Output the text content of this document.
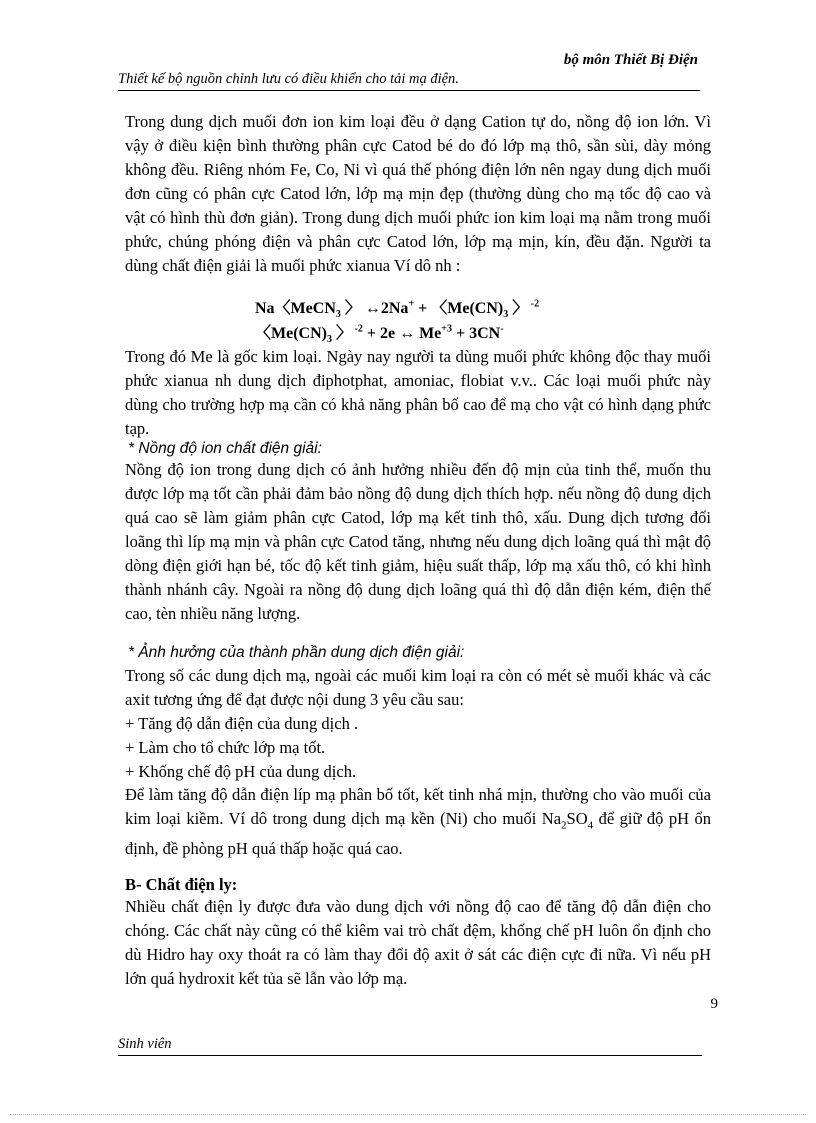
bộ môn Thiết Bị Điện
Thiết kế bộ nguồn chỉnh lưu có điều khiển cho tải mạ điện.
Trong dung dịch muối đơn ion kim loại đều ở dạng Cation tự do, nồng độ ion lớn. Vì vậy ở điều kiện bình thường phân cực Catod bé do đó lớp mạ thô, sần sùi, dày mỏng không đều. Riêng nhóm Fe, Co, Ni vì quá thế phóng điện lớn nên ngay dung dịch muối đơn cũng có phân cực Catod lớn, lớp mạ mịn đẹp (thường dùng cho mạ tốc độ cao và vật có hình thù đơn giản). Trong dung dịch muối phức ion kim loại mạ nằm trong muối phức, chúng phóng điện và phân cực Catod lớn, lớp mạ mịn, kín, đều đặn. Người ta dùng chất điện giải là muối phức xianua Ví dô nh :
Na〈MeCN$_3$ 〉 ↔2Na+ + $〈Me(CN)_3$ 〉 $^{-2}$
$〈Me(CN)_3$ 〉 $^{-2}$ + 2e ↔ $Me^{+3} + 3CN^-$
Trong đó Me là gốc kim loại. Ngày nay người ta dùng muối phức không độc thay muối phức xianua nh dung dịch điphotphat, amoniac, flobiat v.v.. Các loại muối phức này dùng cho trường hợp mạ cần có khả năng phân bố cao để mạ cho vật có hình dạng phức tạp.
* Nồng độ ion chất điện giải:
Nồng độ ion trong dung dịch có ảnh hưởng nhiều đến độ mịn của tinh thể, muốn thu được lớp mạ tốt cần phải đảm bảo nồng độ dung dịch thích hợp. nếu nồng độ dung dịch quá cao sẽ làm giảm phân cực Catod, lớp mạ kết tinh thô, xấu. Dung dịch tương đối loãng thì líp mạ mịn và phân cực Catod tăng, nhưng nếu dung dịch loãng quá thì mật độ dòng điện giới hạn bé, tốc độ kết tinh giảm, hiệu suất thấp, lớp mạ xấu thô, có khi hình thành nhánh cây. Ngoài ra nồng độ dung dịch loãng quá thì độ dẫn điện kém, điện thế cao, tèn nhiều năng lượng.
* Ảnh hưởng của thành phần dung dịch điện giải:
Trong số các dung dịch mạ, ngoài các muối kim loại ra còn có mét sè muối khác và các axit tương ứng để đạt được nội dung 3 yêu cầu sau:
+ Tăng độ dẫn điện của dung dịch .
+ Làm cho tổ chức lớp mạ tốt.
+ Khống chế độ pH của dung dịch.
Để làm tăng độ dẫn điện líp mạ phân bố tốt, kết tinh nhá mịn, thường cho vào muối của kim loại kiềm. Ví dô trong dung dịch mạ kền (Ni) cho muối $Na_2SO_4$ để giữ độ pH ổn định, đề phòng pH quá thấp hoặc quá cao.
B- Chất điện ly:
Nhiều chất điện ly được đưa vào dung dịch với nồng độ cao để tăng độ dẫn điện cho chóng. Các chất này cũng có thể kiêm vai trò chất đệm, khống chế pH luôn ổn định cho dù Hidro hay oxy thoát ra có làm thay đổi độ axit ở sát các điện cực đi nữa. Vì nếu pH lớn quá hydroxit kết tủa sẽ lẫn vào lớp mạ.
9
Sinh viên
